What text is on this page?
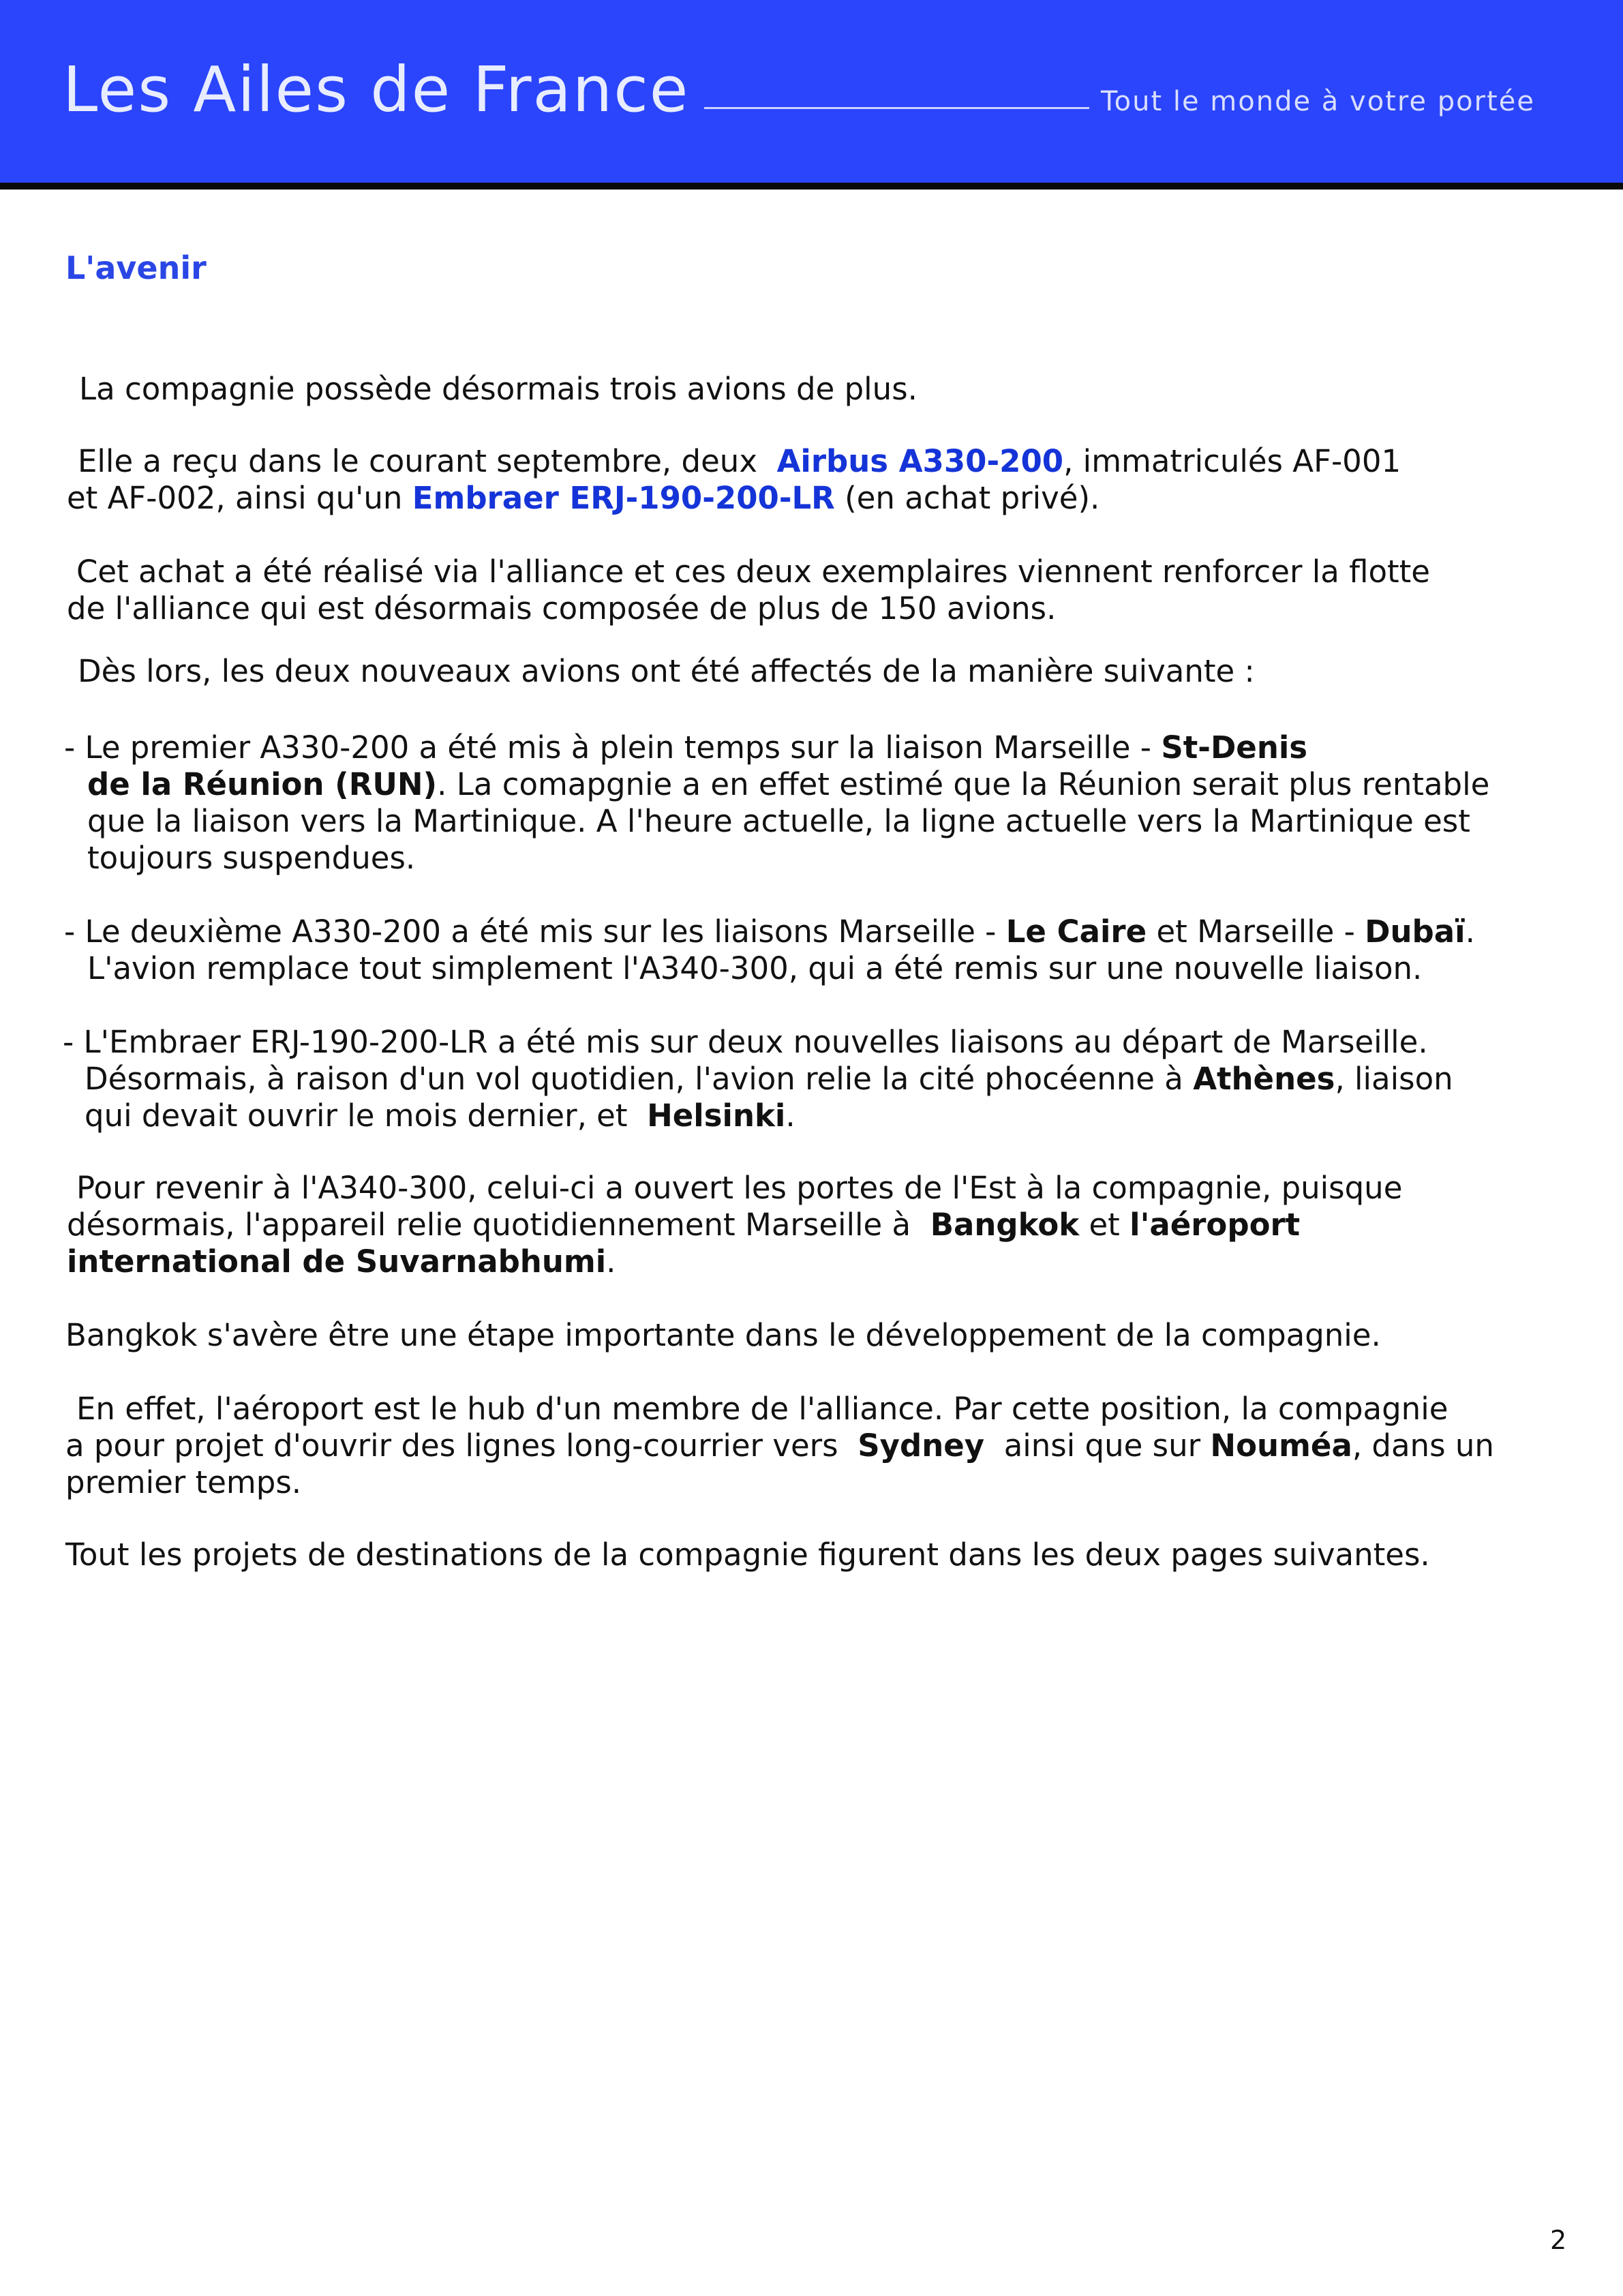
Les Ailes de France	Tout le monde à votre portée
L'avenir
La compagnie possède désormais trois avions de plus.
Elle a reçu dans le courant septembre, deux Airbus A330-200, immatriculés AF-001
et AF-002, ainsi qu'un Embraer ERJ-190-200-LR (en achat privé).
Cet achat a été réalisé via l'alliance et ces deux exemplaires viennent renforcer la flotte
de l'alliance qui est désormais composée de plus de 150 avions.
Dès lors, les deux nouveaux avions ont été affectés de la manière suivante :
- Le premier A330-200 a été mis à plein temps sur la liaison Marseille - St-Denis
de la Réunion (RUN). La comapgnie a en effet estimé que la Réunion serait plus rentable
que la liaison vers la Martinique. A l'heure actuelle, la ligne actuelle vers la Martinique est
toujours suspendues.
- Le deuxième A330-200 a été mis sur les liaisons Marseille - Le Caire et Marseille - Dubaï.
L'avion remplace tout simplement l'A340-300, qui a été remis sur une nouvelle liaison.
- L'Embraer ERJ-190-200-LR a été mis sur deux nouvelles liaisons au départ de Marseille.
Désormais, à raison d'un vol quotidien, l'avion relie la cité phocéenne à Athènes, liaison
qui devait ouvrir le mois dernier, et Helsinki.
Pour revenir à l'A340-300, celui-ci a ouvert les portes de l'Est à la compagnie, puisque
désormais, l'appareil relie quotidiennement Marseille à Bangkok et l'aéroport
international de Suvarnabhumi.
Bangkok s'avère être une étape importante dans le développement de la compagnie.
En effet, l'aéroport est le hub d'un membre de l'alliance. Par cette position, la compagnie
a pour projet d'ouvrir des lignes long-courrier vers Sydney ainsi que sur Nouméa, dans un
premier temps.
Tout les projets de destinations de la compagnie figurent dans les deux pages suivantes.
2
